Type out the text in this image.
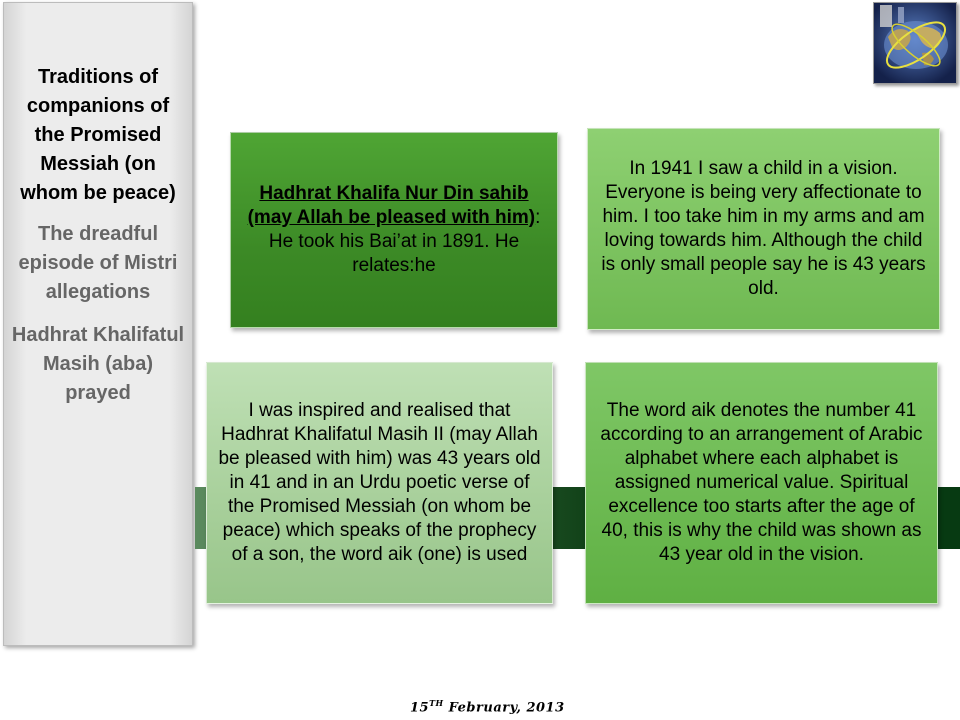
Traditions of companions of the Promised Messiah (on whom be peace)

The dreadful episode of Mistri allegations

Hadhrat Khalifatul Masih (aba) prayed

Hadhrat Khalifa Nur Din sahib (may Allah be pleased with him): He took his Bai’at in 1891. He relates:he
In 1941 I saw a child in a vision. Everyone is being very affectionate to him. I too take him in my arms and am loving towards him. Although the child is only small people say he is 43 years old.
I was inspired and realised that Hadhrat Khalifatul Masih II (may Allah be pleased with him) was 43 years old in 41 and in an Urdu poetic verse of the Promised Messiah (on whom be peace) which speaks of the prophecy of a son, the word aik (one) is used
The word aik denotes the number 41 according to an arrangement of Arabic alphabet where each alphabet is assigned numerical value. Spiritual excellence too starts after the age of 40, this is why the child was shown as 43 year old in the vision.
15TH February, 2013
